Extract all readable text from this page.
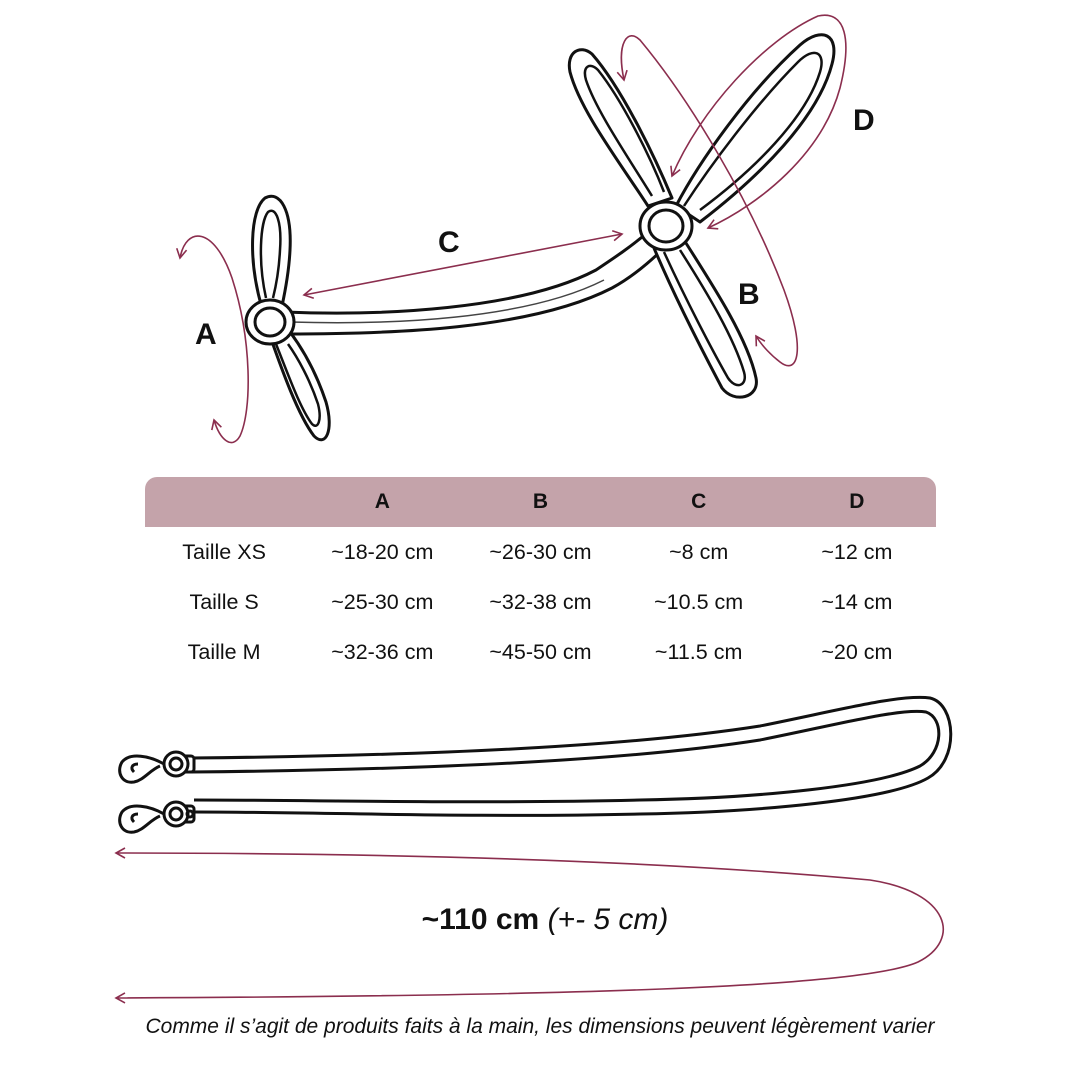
A
B
C
D
	A	B	C	D
Taille XS	~18-20 cm	~26-30 cm	~8 cm	~12 cm
Taille S	~25-30 cm	~32-38 cm	~10.5 cm	~14 cm
Taille M	~32-36 cm	~45-50 cm	~11.5 cm	~20 cm
~110 cm (+- 5 cm)
Comme il s’agit de produits faits à la main, les dimensions peuvent légèrement varier
